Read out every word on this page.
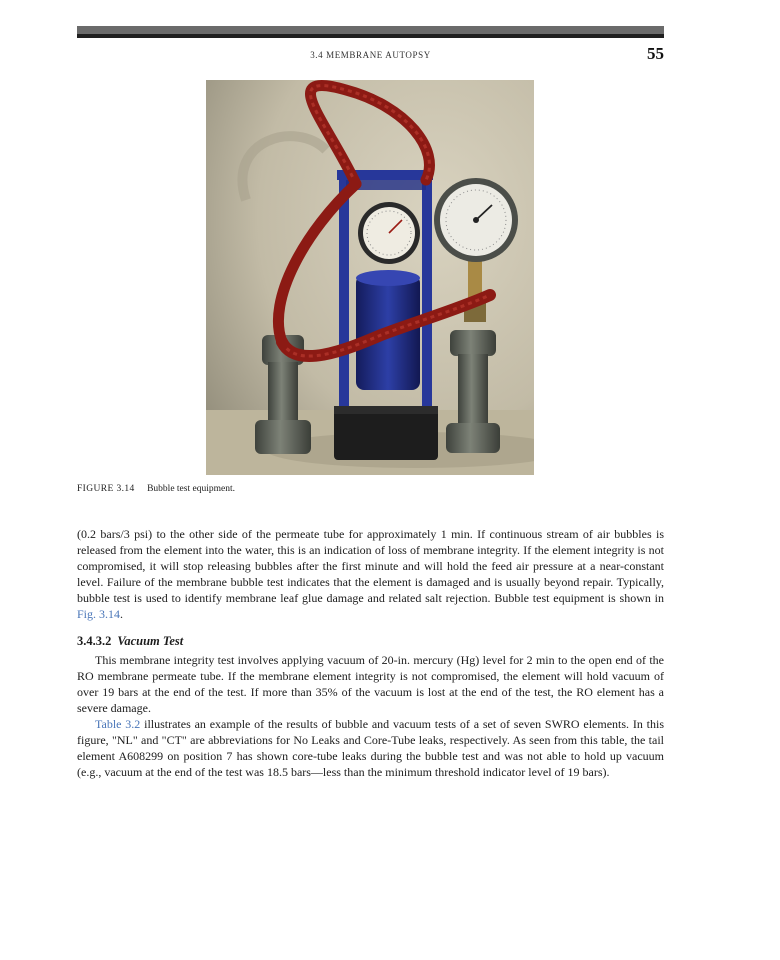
3.4 MEMBRANE AUTOPSY	55
FIGURE 3.14 Bubble test equipment.

(0.2 bars/3 psi) to the other side of the permeate tube for approximately 1 min. If continuous stream of air bubbles is released from the element into the water, this is an indication of loss of membrane integrity. If the element integrity is not compromised, it will stop releasing bubbles after the first minute and will hold the feed air pressure at a near-constant level. Failure of the membrane bubble test indicates that the element is damaged and is usually beyond repair. Typically, bubble test is used to identify membrane leaf glue damage and related salt rejection. Bubble test equipment is shown in Fig. 3.14.

3.4.3.2 Vacuum Test

This membrane integrity test involves applying vacuum of 20-in. mercury (Hg) level for 2 min to the open end of the RO membrane permeate tube. If the membrane element integrity is not compromised, the element will hold vacuum of over 19 bars at the end of the test. If more than 35% of the vacuum is lost at the end of the test, the RO element has a severe damage.

Table 3.2 illustrates an example of the results of bubble and vacuum tests of a set of seven SWRO elements. In this figure, "NL" and "CT" are abbreviations for No Leaks and Core-Tube leaks, respectively. As seen from this table, the tail element A608299 on position 7 has shown core-tube leaks during the bubble test and was not able to hold up vacuum (e.g., vacuum at the end of the test was 18.5 bars—less than the minimum threshold indicator level of 19 bars).
